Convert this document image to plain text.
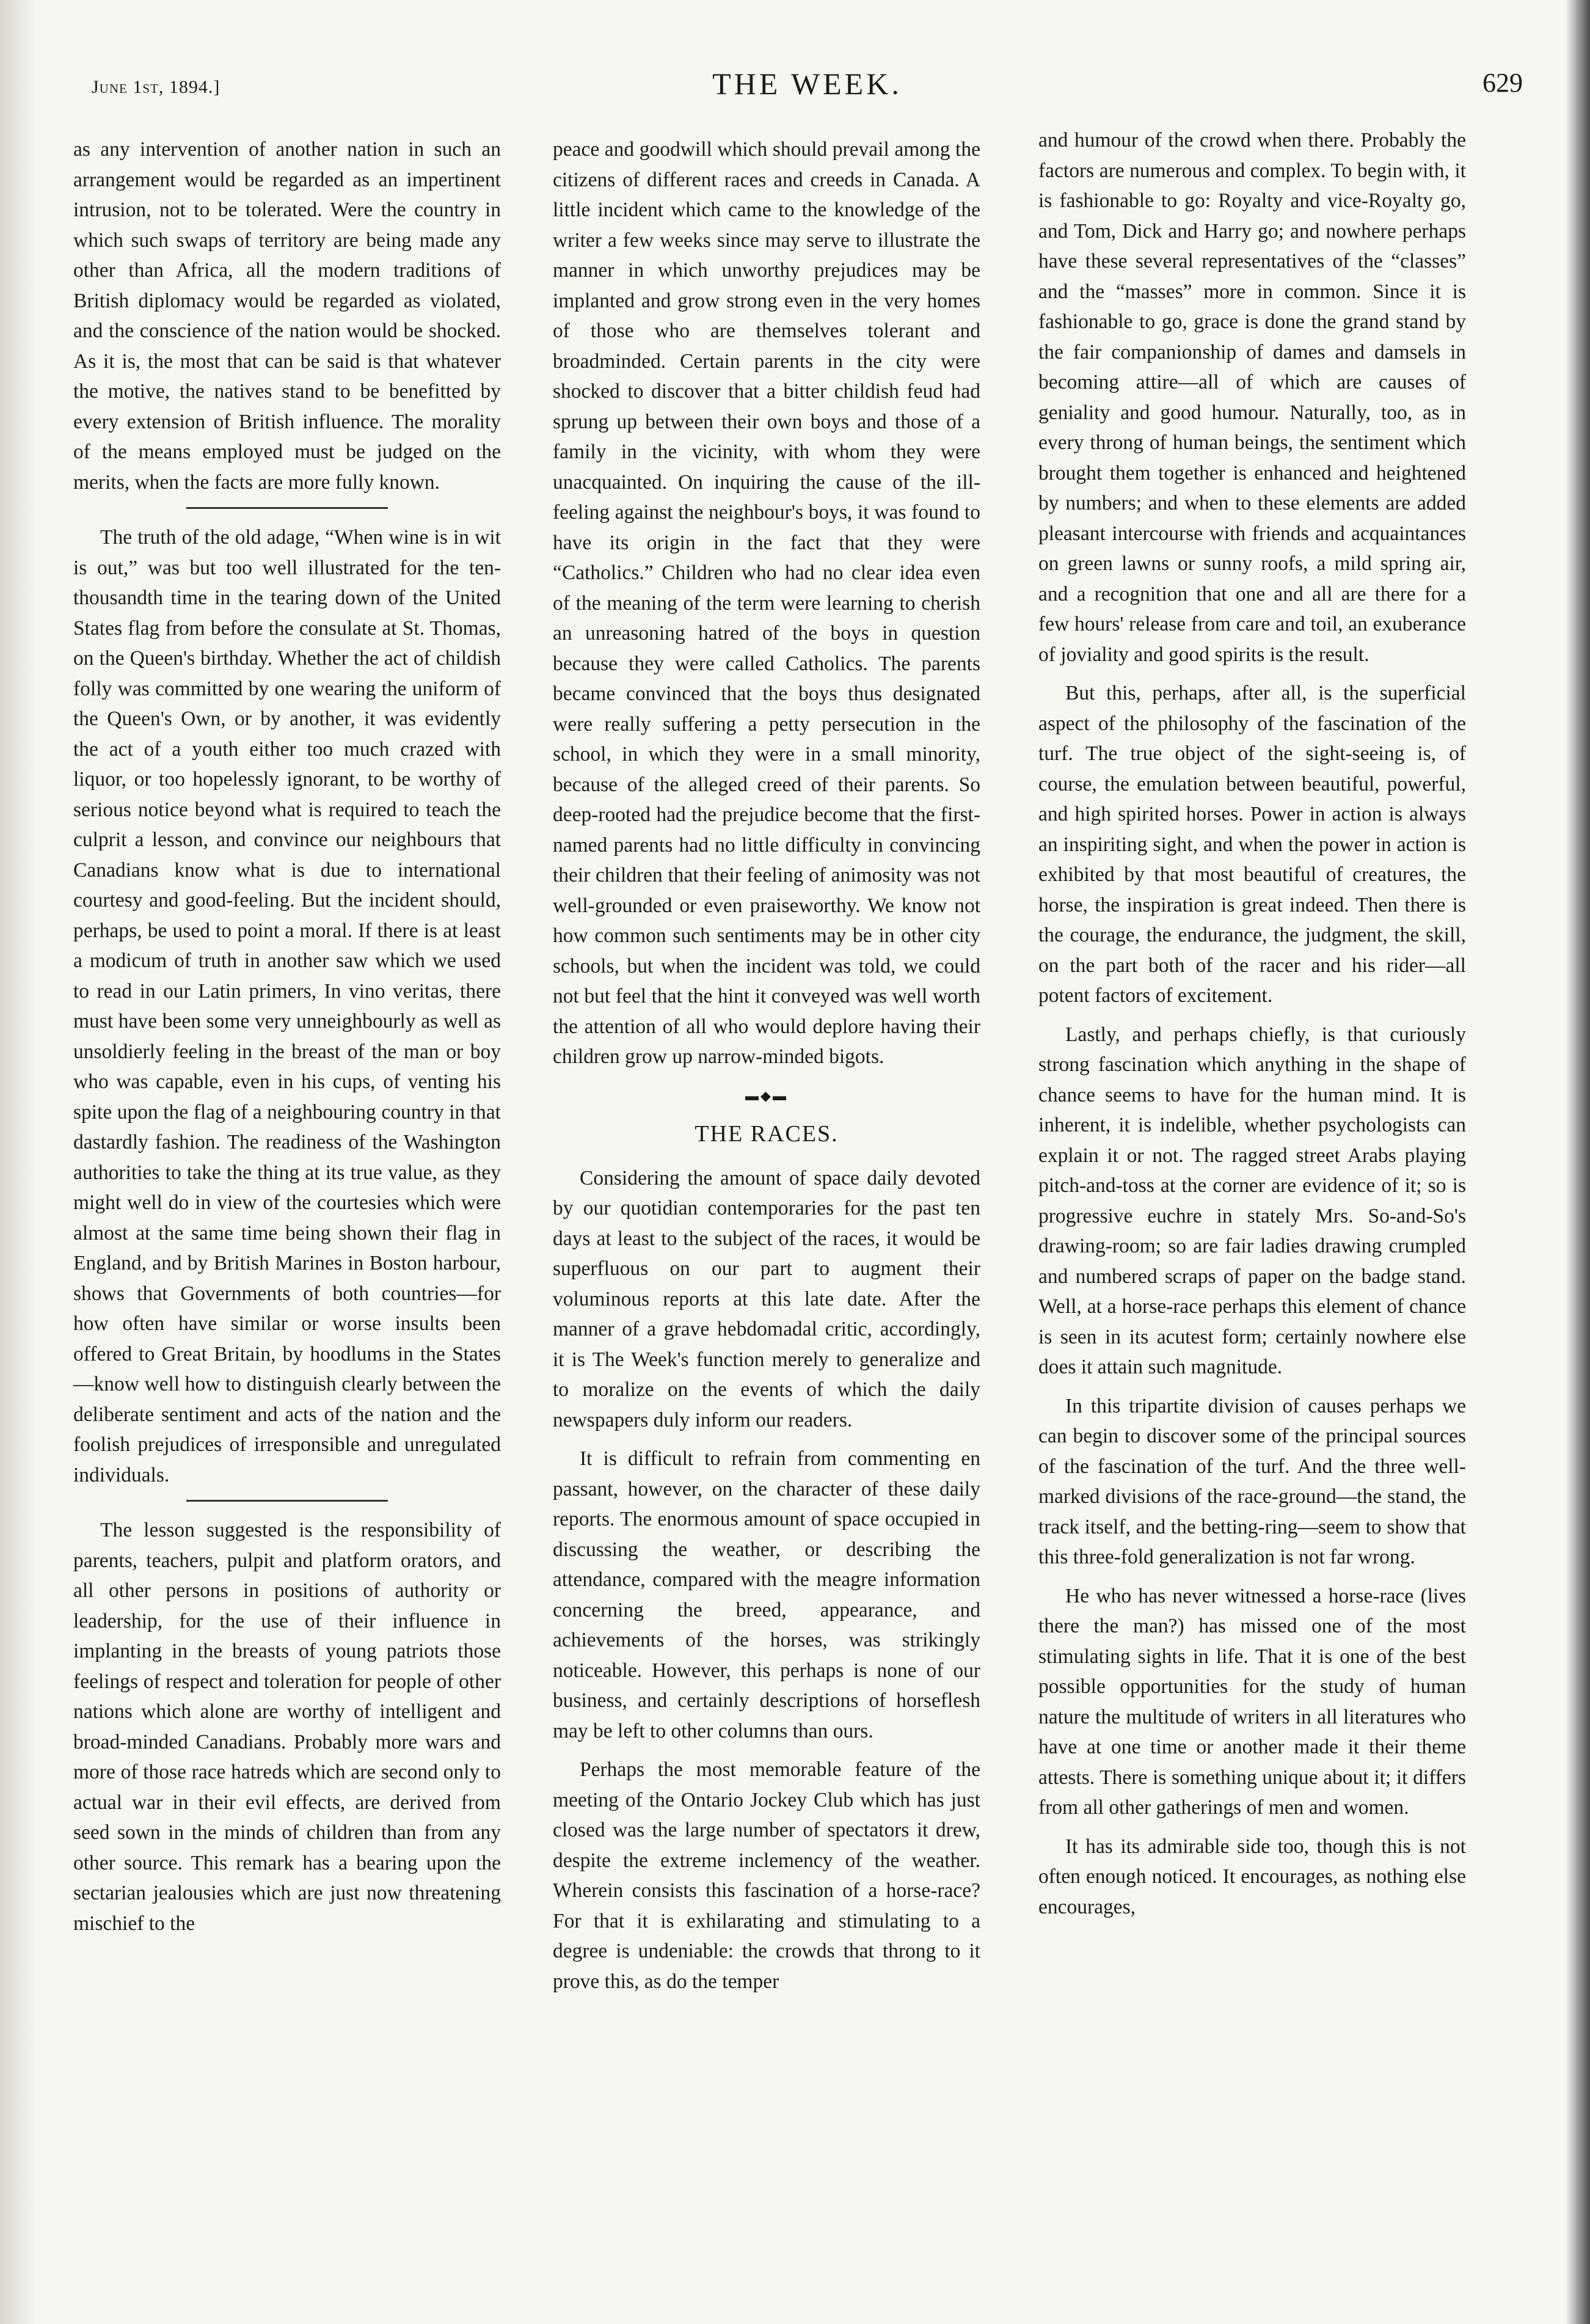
June 1st, 1894.]	THE WEEK.	629

as any intervention of another nation in such an arrangement would be regarded as an impertinent intrusion, not to be tolerated. Were the country in which such swaps of territory are being made any other than Africa, all the modern traditions of British diplomacy would be regarded as violated, and the conscience of the nation would be shocked. As it is, the most that can be said is that whatever the motive, the natives stand to be benefitted by every extension of British influence. The morality of the means employed must be judged on the merits, when the facts are more fully known.

The truth of the old adage, “When wine is in wit is out,” was but too well illustrated for the ten-thousandth time in the tearing down of the United States flag from before the consulate at St. Thomas, on the Queen's birthday. Whether the act of childish folly was committed by one wearing the uniform of the Queen's Own, or by another, it was evidently the act of a youth either too much crazed with liquor, or too hopelessly ignorant, to be worthy of serious notice beyond what is required to teach the culprit a lesson, and convince our neighbours that Canadians know what is due to international courtesy and good-feeling. But the incident should, perhaps, be used to point a moral. If there is at least a modicum of truth in another saw which we used to read in our Latin primers, In vino veritas, there must have been some very unneighbourly as well as unsoldierly feeling in the breast of the man or boy who was capable, even in his cups, of venting his spite upon the flag of a neighbouring country in that dastardly fashion. The readiness of the Washington authorities to take the thing at its true value, as they might well do in view of the courtesies which were almost at the same time being shown their flag in England, and by British Marines in Boston harbour, shows that Governments of both countries—for how often have similar or worse insults been offered to Great Britain, by hoodlums in the States—know well how to distinguish clearly between the deliberate sentiment and acts of the nation and the foolish prejudices of irresponsible and unregulated individuals.

The lesson suggested is the responsibility of parents, teachers, pulpit and platform orators, and all other persons in positions of authority or leadership, for the use of their influence in implanting in the breasts of young patriots those feelings of respect and toleration for people of other nations which alone are worthy of intelligent and broad-minded Canadians. Probably more wars and more of those race hatreds which are second only to actual war in their evil effects, are derived from seed sown in the minds of children than from any other source. This remark has a bearing upon the sectarian jealousies which are just now threatening mischief to the

peace and goodwill which should prevail among the citizens of different races and creeds in Canada. A little incident which came to the knowledge of the writer a few weeks since may serve to illustrate the manner in which unworthy prejudices may be implanted and grow strong even in the very homes of those who are themselves tolerant and broadminded. Certain parents in the city were shocked to discover that a bitter childish feud had sprung up between their own boys and those of a family in the vicinity, with whom they were unacquainted. On inquiring the cause of the ill-feeling against the neighbour's boys, it was found to have its origin in the fact that they were “Catholics.” Children who had no clear idea even of the meaning of the term were learning to cherish an unreasoning hatred of the boys in question because they were called Catholics. The parents became convinced that the boys thus designated were really suffering a petty persecution in the school, in which they were in a small minority, because of the alleged creed of their parents. So deep-rooted had the prejudice become that the first-named parents had no little difficulty in convincing their children that their feeling of animosity was not well-grounded or even praiseworthy. We know not how common such sentiments may be in other city schools, but when the incident was told, we could not but feel that the hint it conveyed was well worth the attention of all who would deplore having their children grow up narrow-minded bigots.

▬◆▬
THE RACES.

Considering the amount of space daily devoted by our quotidian contemporaries for the past ten days at least to the subject of the races, it would be superfluous on our part to augment their voluminous reports at this late date. After the manner of a grave hebdomadal critic, accordingly, it is The Week's function merely to generalize and to moralize on the events of which the daily newspapers duly inform our readers.

It is difficult to refrain from commenting en passant, however, on the character of these daily reports. The enormous amount of space occupied in discussing the weather, or describing the attendance, compared with the meagre information concerning the breed, appearance, and achievements of the horses, was strikingly noticeable. However, this perhaps is none of our business, and certainly descriptions of horseflesh may be left to other columns than ours.

Perhaps the most memorable feature of the meeting of the Ontario Jockey Club which has just closed was the large number of spectators it drew, despite the extreme inclemency of the weather. Wherein consists this fascination of a horse-race? For that it is exhilarating and stimulating to a degree is undeniable: the crowds that throng to it prove this, as do the temper

and humour of the crowd when there. Probably the factors are numerous and complex. To begin with, it is fashionable to go: Royalty and vice-Royalty go, and Tom, Dick and Harry go; and nowhere perhaps have these several representatives of the “classes” and the “masses” more in common. Since it is fashionable to go, grace is done the grand stand by the fair companionship of dames and damsels in becoming attire—all of which are causes of geniality and good humour. Naturally, too, as in every throng of human beings, the sentiment which brought them together is enhanced and heightened by numbers; and when to these elements are added pleasant intercourse with friends and acquaintances on green lawns or sunny roofs, a mild spring air, and a recognition that one and all are there for a few hours' release from care and toil, an exuberance of joviality and good spirits is the result.

But this, perhaps, after all, is the superficial aspect of the philosophy of the fascination of the turf. The true object of the sight-seeing is, of course, the emulation between beautiful, powerful, and high spirited horses. Power in action is always an inspiriting sight, and when the power in action is exhibited by that most beautiful of creatures, the horse, the inspiration is great indeed. Then there is the courage, the endurance, the judgment, the skill, on the part both of the racer and his rider—all potent factors of excitement.

Lastly, and perhaps chiefly, is that curiously strong fascination which anything in the shape of chance seems to have for the human mind. It is inherent, it is indelible, whether psychologists can explain it or not. The ragged street Arabs playing pitch-and-toss at the corner are evidence of it; so is progressive euchre in stately Mrs. So-and-So's drawing-room; so are fair ladies drawing crumpled and numbered scraps of paper on the badge stand. Well, at a horse-race perhaps this element of chance is seen in its acutest form; certainly nowhere else does it attain such magnitude.

In this tripartite division of causes perhaps we can begin to discover some of the principal sources of the fascination of the turf. And the three well-marked divisions of the race-ground—the stand, the track itself, and the betting-ring—seem to show that this three-fold generalization is not far wrong.

He who has never witnessed a horse-race (lives there the man?) has missed one of the most stimulating sights in life. That it is one of the best possible opportunities for the study of human nature the multitude of writers in all literatures who have at one time or another made it their theme attests. There is something unique about it; it differs from all other gatherings of men and women.

It has its admirable side too, though this is not often enough noticed. It encourages, as nothing else encourages,
